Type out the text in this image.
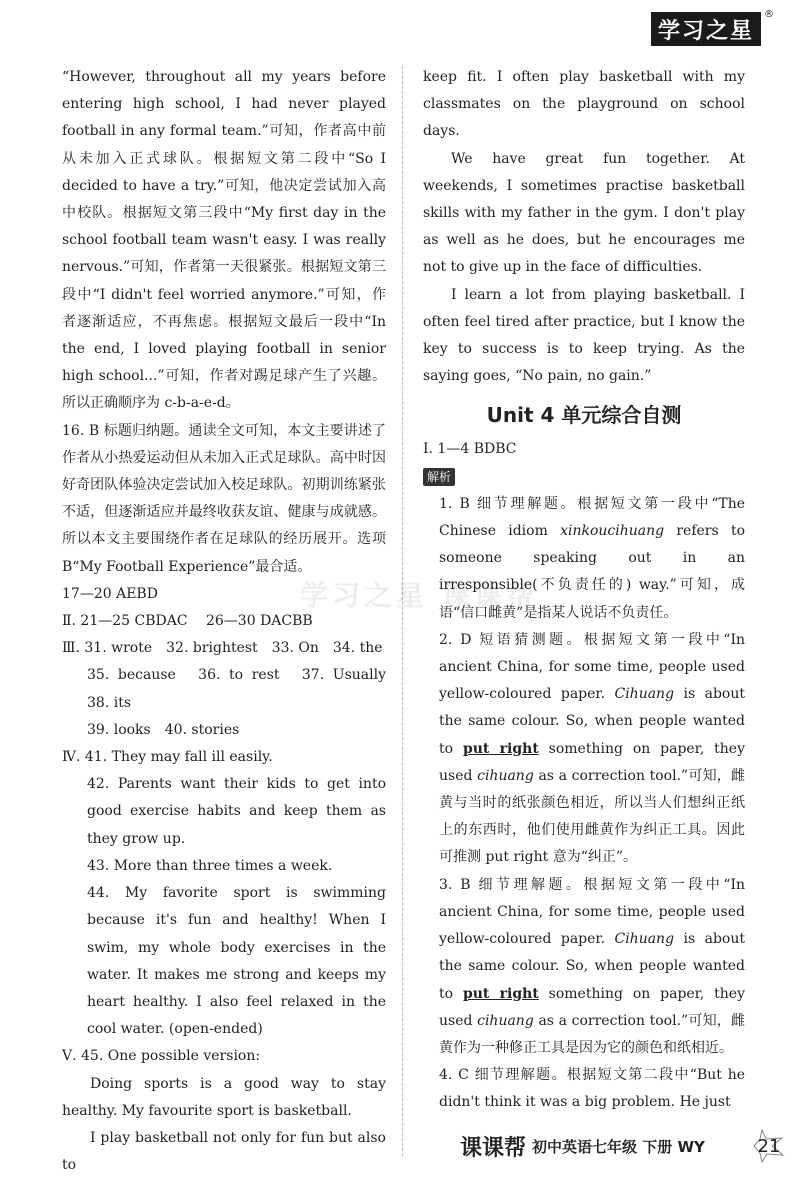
学习之星
®

“However, throughout all my years before entering high school, I had never played football in any formal team.”可知，作者高中前从未加入正式球队。根据短文第二段中“So I decided to have a try.”可知，他决定尝试加入高中校队。根据短文第三段中“My first day in the school football team wasn't easy. I was really nervous.”可知，作者第一天很紧张。根据短文第三段中“I didn't feel worried anymore.”可知，作者逐渐适应，不再焦虑。根据短文最后一段中“In the end, I loved playing football in senior high school...”可知，作者对踢足球产生了兴趣。所以正确顺序为 c-b-a-e-d。

16. B 标题归纳题。通读全文可知，本文主要讲述了作者从小热爱运动但从未加入正式足球队。高中时因好奇团队体验决定尝试加入校足球队。初期训练紧张不适，但逐渐适应并最终收获友谊、健康与成就感。所以本文主要围绕作者在足球队的经历展开。选项 B“My Football Experience”最合适。

17—20 AEBD

Ⅱ. 21—25 CBDAC　 26—30 DACBB

Ⅲ. 31. wrote　32. brightest　33. On　34. the

35. because　36. to rest　37. Usually　38. its

39. looks　40. stories

Ⅳ. 41. They may fall ill easily.

42. Parents want their kids to get into good exercise habits and keep them as they grow up.

43. More than three times a week.

44. My favorite sport is swimming because it's fun and healthy! When I swim, my whole body exercises in the water. It makes me strong and keeps my heart healthy. I also feel relaxed in the cool water. (open-ended)

Ⅴ. 45. One possible version:

Doing sports is a good way to stay healthy. My favourite sport is basketball.

I play basketball not only for fun but also to

keep fit. I often play basketball with my classmates on the playground on school days.

We have great fun together. At weekends, I sometimes practise basketball skills with my father in the gym. I don't play as well as he does, but he encourages me not to give up in the face of difficulties.

I learn a lot from playing basketball. I often feel tired after practice, but I know the key to success is to keep trying. As the saying goes, “No pain, no gain.”

Unit 4 单元综合自测

Ⅰ. 1—4 BDBC

解析

1. B 细节理解题。根据短文第一段中“The Chinese idiom xinkoucihuang refers to someone speaking out in an irresponsible(不负责任的) way.”可知，成语“信口雌黄”是指某人说话不负责任。

2. D 短语猜测题。根据短文第一段中“In ancient China, for some time, people used yellow-coloured paper. Cihuang is about the same colour. So, when people wanted to put right something on paper, they used cihuang as a correction tool.”可知，雌黄与当时的纸张颜色相近，所以当人们想纠正纸上的东西时，他们使用雌黄作为纠正工具。因此可推测 put right 意为“纠正”。

3. B 细节理解题。根据短文第一段中“In ancient China, for some time, people used yellow-coloured paper. Cihuang is about the same colour. So, when people wanted to put right something on paper, they used cihuang as a correction tool.”可知，雌黄作为一种修正工具是因为它的颜色和纸相近。

4. C 细节理解题。根据短文第二段中“But he didn't think it was a big problem. He just

学习之星 课课帮
课课帮 初中英语七年级 下册 WY	21
